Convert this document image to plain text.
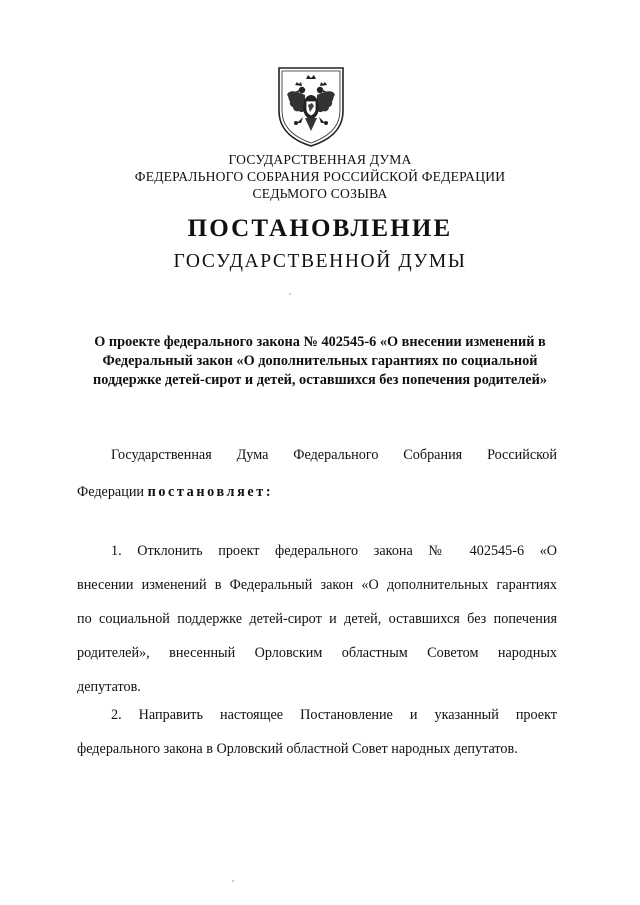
ГОСУДАРСТВЕННАЯ ДУМА
ФЕДЕРАЛЬНОГО СОБРАНИЯ РОССИЙСКОЙ ФЕДЕРАЦИИ
СЕДЬМОГО СОЗЫВА
ПОСТАНОВЛЕНИЕ
ГОСУДАРСТВЕННОЙ ДУМЫ
О проекте федерального закона № 402545-6 «О внесении изменений в
Федеральный закон «О дополнительных гарантиях по социальной
поддержке детей-сирот и детей, оставшихся без попечения родителей»
Государственная Дума Федерального Собрания Российской
Федерации постановляет:
1. Отклонить проект федерального закона № 402545-6 «О
внесении изменений в Федеральный закон «О дополнительных гарантиях
по социальной поддержке детей-сирот и детей, оставшихся без попечения
родителей», внесенный Орловским областным Советом народных
депутатов.
2. Направить настоящее Постановление и указанный проект
федерального закона в Орловский областной Совет народных депутатов.
